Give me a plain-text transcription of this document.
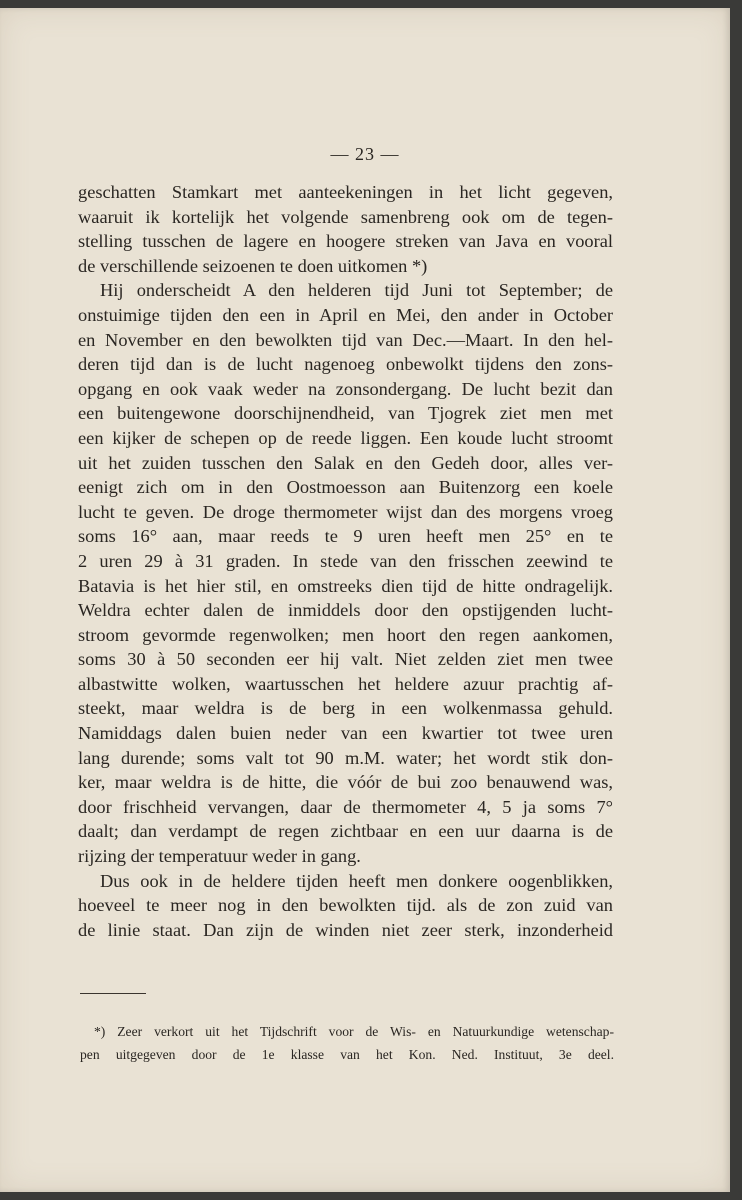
— 23 —
geschatten Stamkart met aanteekeningen in het licht gegeven,
waaruit ik kortelijk het volgende samenbreng ook om de tegen-
stelling tusschen de lagere en hoogere streken van Java en vooral
de verschillende seizoenen te doen uitkomen *)
Hij onderscheidt A den helderen tijd Juni tot September; de
onstuimige tijden den een in April en Mei, den ander in October
en November en den bewolkten tijd van Dec.—Maart. In den hel-
deren tijd dan is de lucht nagenoeg onbewolkt tijdens den zons-
opgang en ook vaak weder na zonsondergang. De lucht bezit dan
een buitengewone doorschijnendheid, van Tjogrek ziet men met
een kijker de schepen op de reede liggen. Een koude lucht stroomt
uit het zuiden tusschen den Salak en den Gedeh door, alles ver-
eenigt zich om in den Oostmoesson aan Buitenzorg een koele
lucht te geven. De droge thermometer wijst dan des morgens vroeg
soms 16° aan, maar reeds te 9 uren heeft men 25° en te
2 uren 29 à 31 graden. In stede van den frisschen zeewind te
Batavia is het hier stil, en omstreeks dien tijd de hitte ondragelijk.
Weldra echter dalen de inmiddels door den opstijgenden lucht-
stroom gevormde regenwolken; men hoort den regen aankomen,
soms 30 à 50 seconden eer hij valt. Niet zelden ziet men twee
albastwitte wolken, waartusschen het heldere azuur prachtig af-
steekt, maar weldra is de berg in een wolkenmassa gehuld.
Namiddags dalen buien neder van een kwartier tot twee uren
lang durende; soms valt tot 90 m.M. water; het wordt stik don-
ker, maar weldra is de hitte, die vóór de bui zoo benauwend was,
door frischheid vervangen, daar de thermometer 4, 5 ja soms 7°
daalt; dan verdampt de regen zichtbaar en een uur daarna is de
rijzing der temperatuur weder in gang.
Dus ook in de heldere tijden heeft men donkere oogenblikken,
hoeveel te meer nog in den bewolkten tijd. als de zon zuid van
de linie staat. Dan zijn de winden niet zeer sterk, inzonderheid
*) Zeer verkort uit het Tijdschrift voor de Wis- en Natuurkundige wetenschap-
pen uitgegeven door de 1e klasse van het Kon. Ned. Instituut, 3e deel.
